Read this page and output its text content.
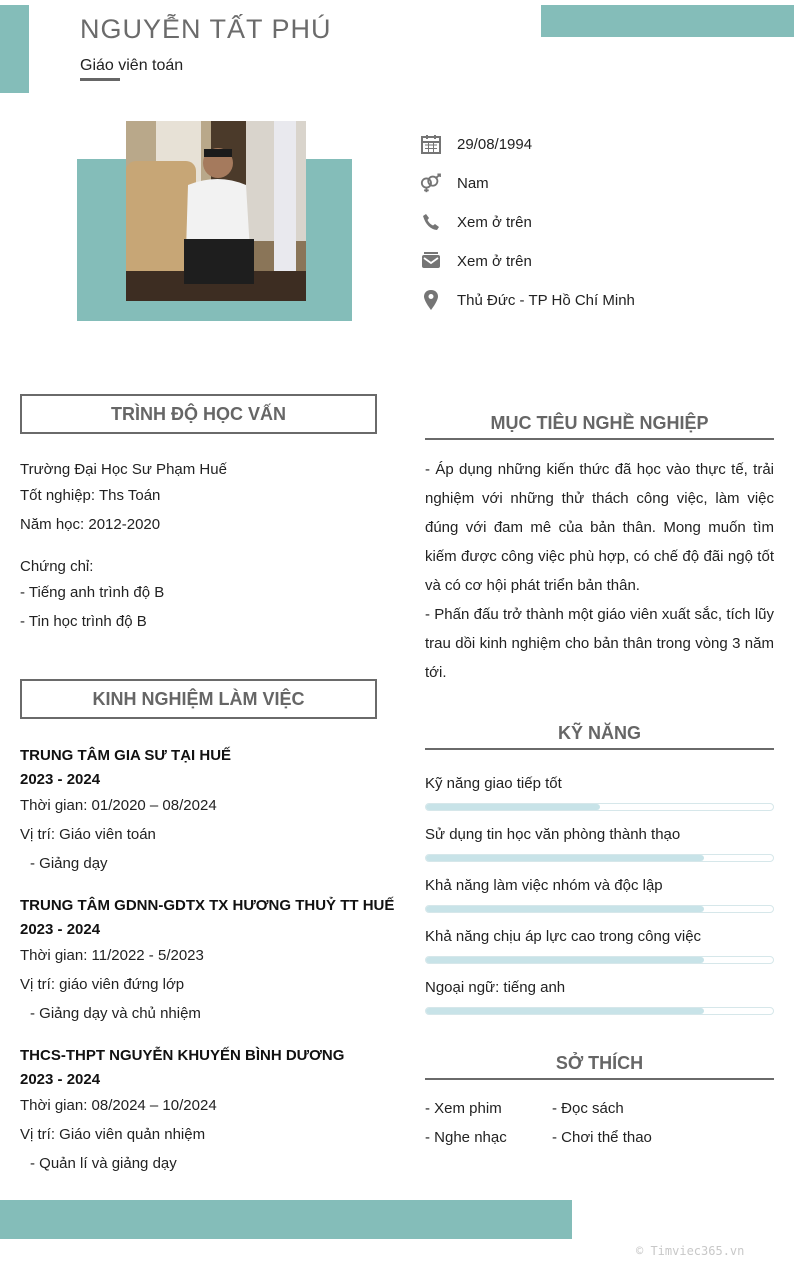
NGUYỄN TẤT PHÚ
Giáo viên toán
29/08/1994
Nam
Xem ở trên
Xem ở trên
Thủ Đức - TP Hồ Chí Minh
TRÌNH ĐỘ HỌC VẤN
Trường Đại Học Sư Phạm Huế
Tốt nghiệp: Ths Toán
Năm học: 2012-2020
Chứng chỉ:
- Tiếng anh trình độ B
- Tin học trình độ B
KINH NGHIỆM LÀM VIỆC
TRUNG TÂM GIA SƯ TẠI HUẾ
2023 - 2024
Thời gian: 01/2020 – 08/2024
Vị trí: Giáo viên toán
- Giảng dạy
TRUNG TÂM GDNN-GDTX TX HƯƠNG THUỶ TT HUẾ
2023 - 2024
Thời gian: 11/2022 - 5/2023
Vị trí: giáo viên đứng lớp
- Giảng dạy và chủ nhiệm
THCS-THPT NGUYỄN KHUYẾN BÌNH DƯƠNG
2023 - 2024
Thời gian: 08/2024 – 10/2024
Vị trí: Giáo viên quản nhiệm
- Quản lí và giảng dạy
MỤC TIÊU NGHỀ NGHIỆP
- Áp dụng những kiến thức đã học vào thực tế, trải nghiệm với những thử thách công việc, làm việc đúng với đam mê của bản thân. Mong muốn tìm kiếm được công việc phù hợp, có chế độ đãi ngộ tốt và có cơ hội phát triển bản thân.
- Phấn đấu trở thành một giáo viên xuất sắc, tích lũy trau dồi kinh nghiệm cho bản thân trong vòng 3 năm tới.
KỸ NĂNG
Kỹ năng giao tiếp tốt
Sử dụng tin học văn phòng thành thạo
Khả năng làm việc nhóm và độc lập
Khả năng chịu áp lực cao trong công việc
Ngoại ngữ: tiếng anh
SỞ THÍCH
- Xem phim	- Đọc sách
- Nghe nhạc	- Chơi thể thao
© Timviec365.vn
